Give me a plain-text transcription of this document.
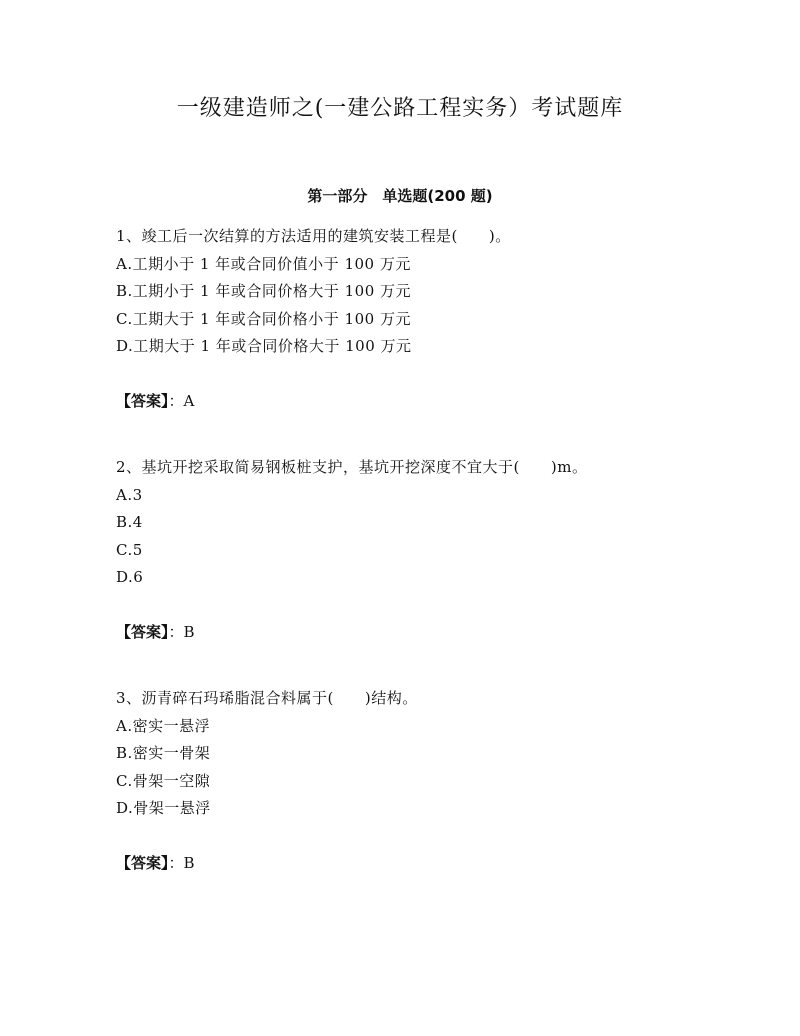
一级建造师之(一建公路工程实务）考试题库
第一部分　单选题(200 题)
1、竣工后一次结算的方法适用的建筑安装工程是(　　)。
A.工期小于 1 年或合同价值小于 100 万元
B.工期小于 1 年或合同价格大于 100 万元
C.工期大于 1 年或合同价格小于 100 万元
D.工期大于 1 年或合同价格大于 100 万元
【答案】：A
2、基坑开挖采取简易钢板桩支护，基坑开挖深度不宜大于(　　)m。
A.3
B.4
C.5
D.6
【答案】：B
3、沥青碎石玛琋脂混合料属于(　　)结构。
A.密实一悬浮
B.密实一骨架
C.骨架一空隙
D.骨架一悬浮
【答案】：B
